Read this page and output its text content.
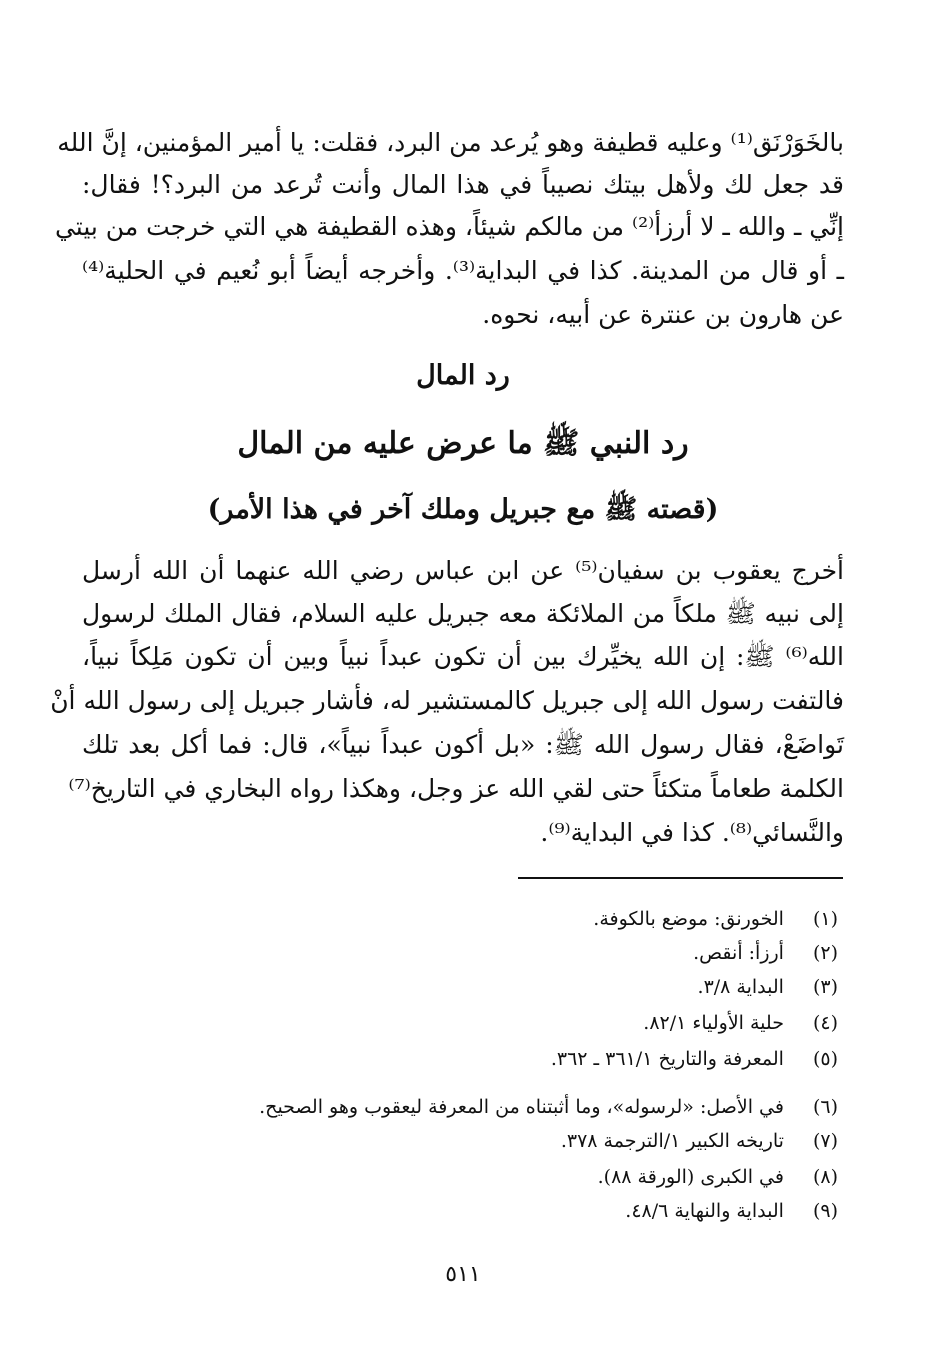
بالخَوَرْنَق⁽¹⁾ وعليه قطيفة وهو يُرعد من البرد، فقلت: يا أمير المؤمنين، إنَّ الله
قد جعل لك ولأهل بيتك نصيباً في هذا المال وأنت تُرعد من البرد؟! فقال:
إنِّي ـ والله ـ لا أرزأ⁽²⁾ من مالكم شيئاً، وهذه القطيفة هي التي خرجت من بيتي
ـ أو قال من المدينة. كذا في البداية⁽³⁾. وأخرجه أيضاً أبو نُعيم في الحلية⁽⁴⁾
عن هارون بن عنترة عن أبيه، نحوه.
رد المال
رد النبي ﷺ ما عرض عليه من المال
(قصته ﷺ مع جبريل وملك آخر في هذا الأمر)
أخرج يعقوب بن سفيان⁽⁵⁾ عن ابن عباس رضي الله عنهما أن الله أرسل
إلى نبيه ﷺ ملكاً من الملائكة معه جبريل عليه السلام، فقال الملك لرسول
الله⁽⁶⁾ ﷺ: إن الله يخيِّرك بين أن تكون عبداً نبياً وبين أن تكون مَلِكاً نبياً،
فالتفت رسول الله إلى جبريل كالمستشير له، فأشار جبريل إلى رسول الله أنْ
تَواضَعْ، فقال رسول الله ﷺ: «بل أكون عبداً نبياً»، قال: فما أكل بعد تلك
الكلمة طعاماً متكئاً حتى لقي الله عز وجل، وهكذا رواه البخاري في التاريخ⁽⁷⁾
والنَّسائي⁽⁸⁾. كذا في البداية⁽⁹⁾.
(١) الخورنق: موضع بالكوفة.
(٢) أرزأ: أنقص.
(٣) البداية ٣/٨.
(٤) حلية الأولياء ٨٢/١.
(٥) المعرفة والتاريخ ٣٦١/١ ـ ٣٦٢.
(٦) في الأصل: «لرسوله»، وما أثبتناه من المعرفة ليعقوب وهو الصحيح.
(٧) تاريخه الكبير ١/الترجمة ٣٧٨.
(٨) في الكبرى (الورقة ٨٨).
(٩) البداية والنهاية ٤٨/٦.
٥١١
